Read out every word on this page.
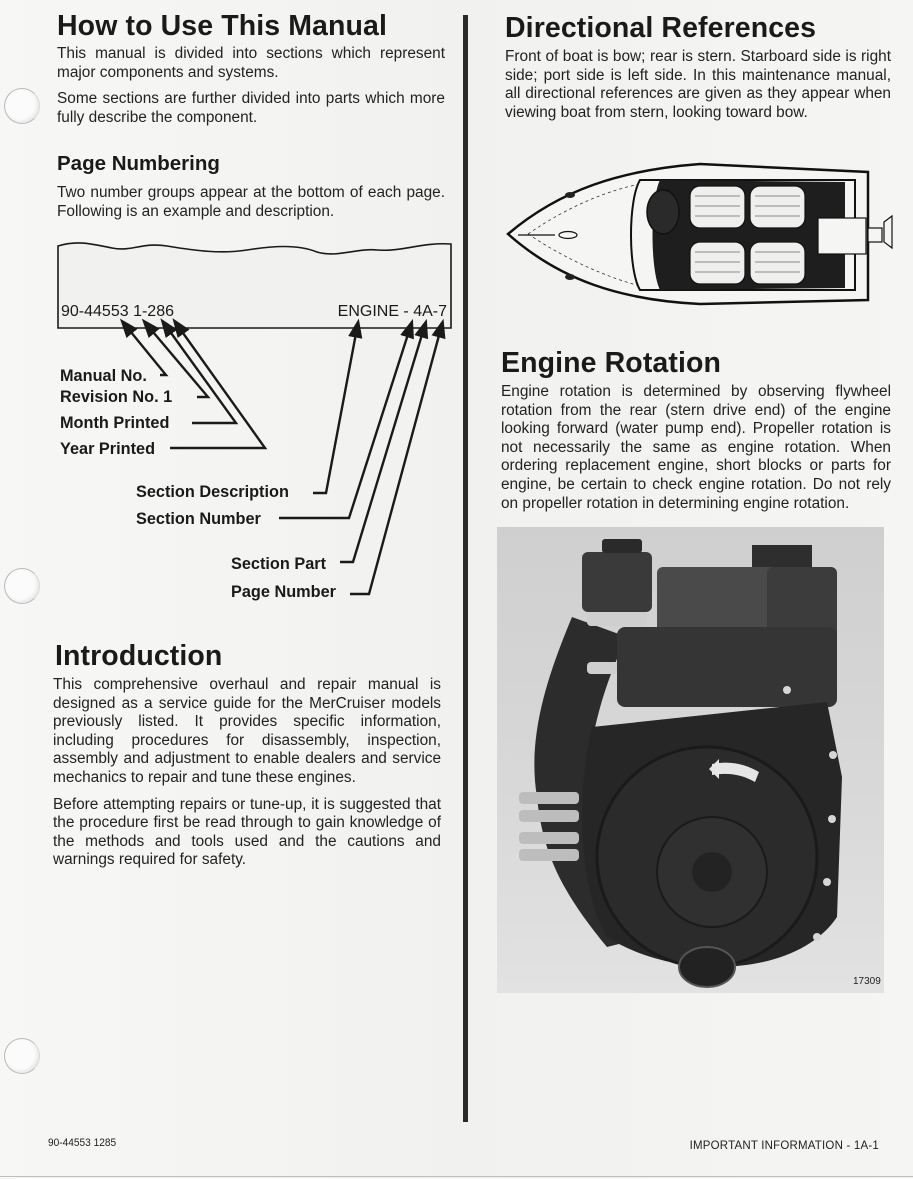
How to Use This Manual

This manual is divided into sections which represent major components and systems.

Some sections are further divided into parts which more fully describe the component.

Page Numbering

Two number groups appear at the bottom of each page. Following is an example and description.

90-44553 1-286	ENGINE - 4A-7
Manual No.
Revision No. 1
Month Printed
Year Printed
Section Description
Section Number
Section Part
Page Number
Introduction

This comprehensive overhaul and repair manual is designed as a service guide for the MerCruiser models previously listed. It provides specific information, including procedures for disassembly, inspection, assembly and adjustment to enable dealers and service mechanics to repair and tune these engines.

Before attempting repairs or tune-up, it is suggested that the procedure first be read through to gain knowledge of the methods and tools used and the cautions and warnings required for safety.

Directional References

Front of boat is bow; rear is stern. Starboard side is right side; port side is left side. In this maintenance manual, all directional references are given as they appear when viewing boat from stern, looking toward bow.

Engine Rotation

Engine rotation is determined by observing flywheel rotation from the rear (stern drive end) of the engine looking forward (water pump end). Propeller rotation is not necessarily the same as engine rotation. When ordering replacement engine, short blocks or parts for engine, be certain to check engine rotation. Do not rely on propeller rotation in determining engine rotation.

17309
90-44553 1285	IMPORTANT INFORMATION - 1A-1
